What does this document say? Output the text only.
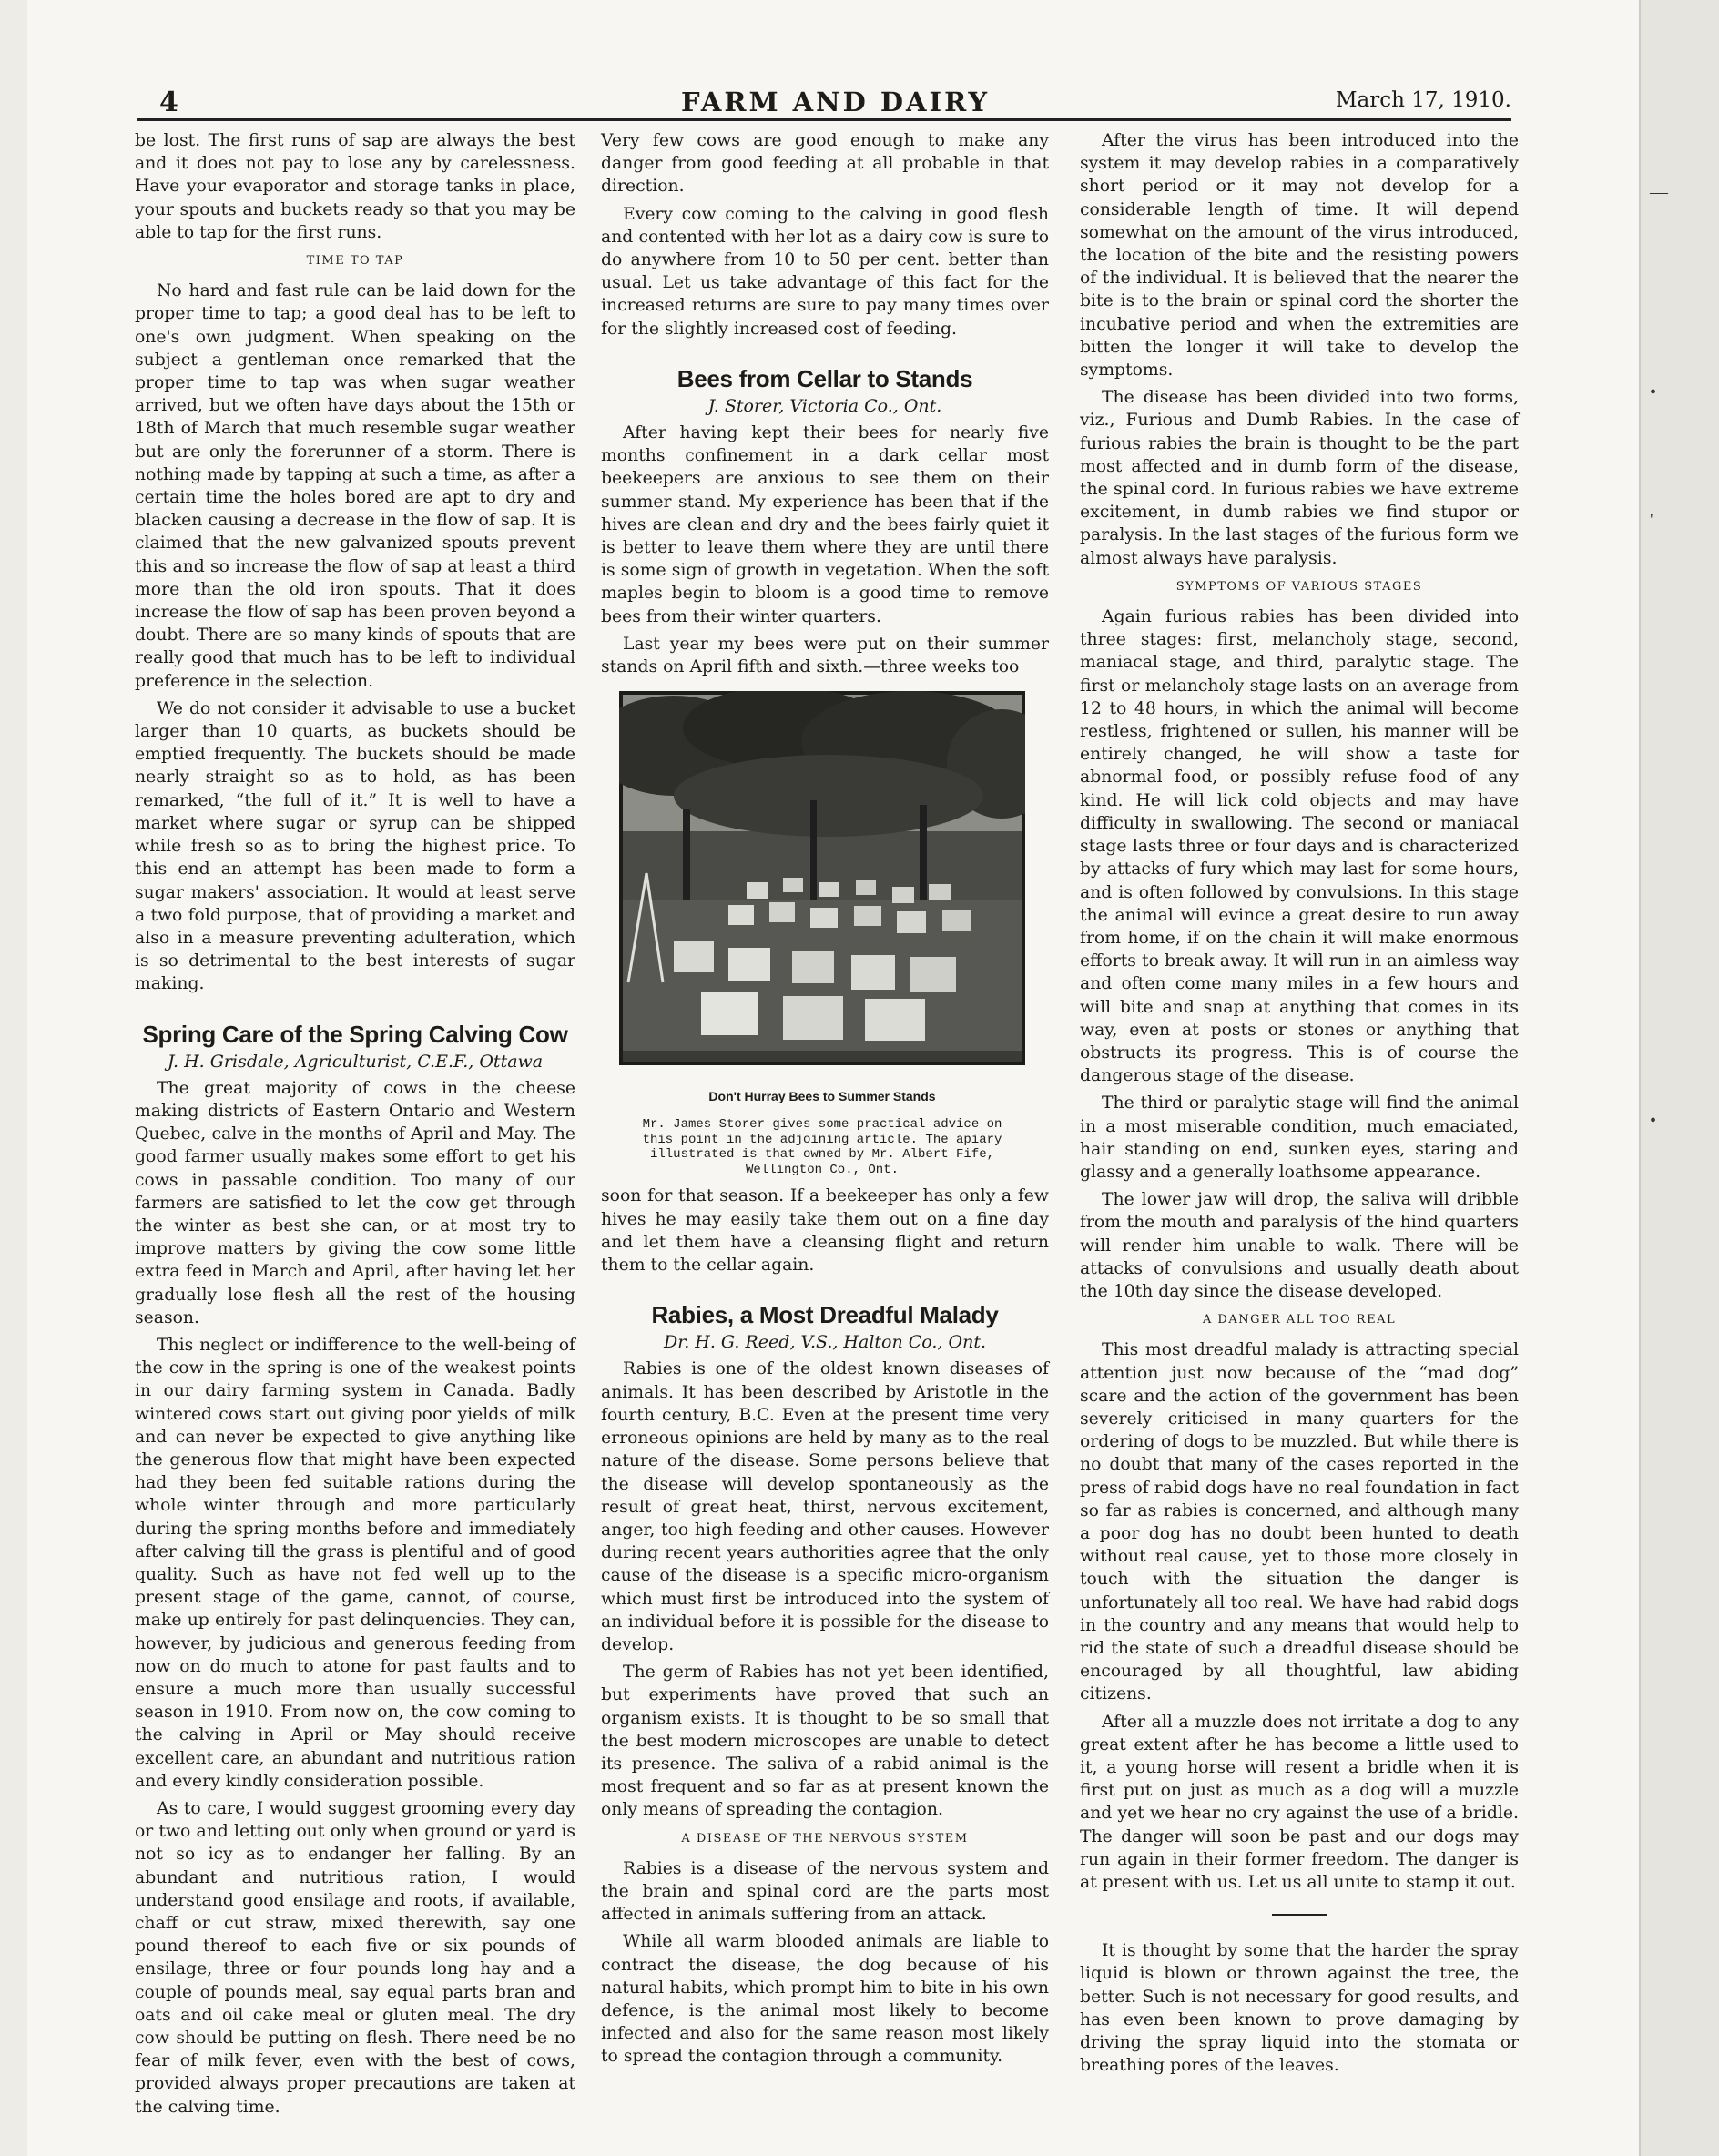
—
•
'
•
4	FARM AND DAIRY	March 17, 1910.

be lost. The first runs of sap are always the best and it does not pay to lose any by carelessness. Have your evaporator and storage tanks in place, your spouts and buckets ready so that you may be able to tap for the first runs.

TIME TO TAP

No hard and fast rule can be laid down for the proper time to tap; a good deal has to be left to one's own judgment. When speaking on the subject a gentleman once remarked that the proper time to tap was when sugar weather arrived, but we often have days about the 15th or 18th of March that much resemble sugar weather but are only the forerunner of a storm. There is nothing made by tapping at such a time, as after a certain time the holes bored are apt to dry and blacken causing a decrease in the flow of sap. It is claimed that the new galvanized spouts prevent this and so increase the flow of sap at least a third more than the old iron spouts. That it does increase the flow of sap has been proven beyond a doubt. There are so many kinds of spouts that are really good that much has to be left to individual preference in the selection.

We do not consider it advisable to use a bucket larger than 10 quarts, as buckets should be emptied frequently. The buckets should be made nearly straight so as to hold, as has been remarked, “the full of it.” It is well to have a market where sugar or syrup can be shipped while fresh so as to bring the highest price. To this end an attempt has been made to form a sugar makers' association. It would at least serve a two fold purpose, that of providing a market and also in a measure preventing adulteration, which is so detrimental to the best interests of sugar making.

Spring Care of the Spring Calving Cow
J. H. Grisdale, Agriculturist, C.E.F., Ottawa

The great majority of cows in the cheese making districts of Eastern Ontario and Western Quebec, calve in the months of April and May. The good farmer usually makes some effort to get his cows in passable condition. Too many of our farmers are satisfied to let the cow get through the winter as best she can, or at most try to improve matters by giving the cow some little extra feed in March and April, after having let her gradually lose flesh all the rest of the housing season.

This neglect or indifference to the well-being of the cow in the spring is one of the weakest points in our dairy farming system in Canada. Badly wintered cows start out giving poor yields of milk and can never be expected to give anything like the generous flow that might have been expected had they been fed suitable rations during the whole winter through and more particularly during the spring months before and immediately after calving till the grass is plentiful and of good quality. Such as have not fed well up to the present stage of the game, cannot, of course, make up entirely for past delinquencies. They can, however, by judicious and generous feeding from now on do much to atone for past faults and to ensure a much more than usually successful season in 1910. From now on, the cow coming to the calving in April or May should receive excellent care, an abundant and nutritious ration and every kindly consideration possible.

As to care, I would suggest grooming every day or two and letting out only when ground or yard is not so icy as to endanger her falling. By an abundant and nutritious ration, I would understand good ensilage and roots, if available, chaff or cut straw, mixed therewith, say one pound thereof to each five or six pounds of ensilage, three or four pounds long hay and a couple of pounds meal, say equal parts bran and oats and oil cake meal or gluten meal. The dry cow should be putting on flesh. There need be no fear of milk fever, even with the best of cows, provided always proper precautions are taken at the calving time.

Very few cows are good enough to make any danger from good feeding at all probable in that direction.

Every cow coming to the calving in good flesh and contented with her lot as a dairy cow is sure to do anywhere from 10 to 50 per cent. better than usual. Let us take advantage of this fact for the increased returns are sure to pay many times over for the slightly increased cost of feeding.

Bees from Cellar to Stands
J. Storer, Victoria Co., Ont.

After having kept their bees for nearly five months confinement in a dark cellar most beekeepers are anxious to see them on their summer stand. My experience has been that if the hives are clean and dry and the bees fairly quiet it is better to leave them where they are until there is some sign of growth in vegetation. When the soft maples begin to bloom is a good time to remove bees from their winter quarters.

Last year my bees were put on their summer stands on April fifth and sixth.—three weeks too

Don't Hurray Bees to Summer Stands
Mr. James Storer gives some practical advice on this point in the adjoining article. The apiary illustrated is that owned by Mr. Albert Fife, Wellington Co., Ont.

soon for that season. If a beekeeper has only a few hives he may easily take them out on a fine day and let them have a cleansing flight and return them to the cellar again.

Rabies, a Most Dreadful Malady
Dr. H. G. Reed, V.S., Halton Co., Ont.

Rabies is one of the oldest known diseases of animals. It has been described by Aristotle in the fourth century, B.C. Even at the present time very erroneous opinions are held by many as to the real nature of the disease. Some persons believe that the disease will develop spontaneously as the result of great heat, thirst, nervous excitement, anger, too high feeding and other causes. However during recent years authorities agree that the only cause of the disease is a specific micro-organism which must first be introduced into the system of an individual before it is possible for the disease to develop.

The germ of Rabies has not yet been identified, but experiments have proved that such an organism exists. It is thought to be so small that the best modern microscopes are unable to detect its presence. The saliva of a rabid animal is the most frequent and so far as at present known the only means of spreading the contagion.

A DISEASE OF THE NERVOUS SYSTEM

Rabies is a disease of the nervous system and the brain and spinal cord are the parts most affected in animals suffering from an attack.

While all warm blooded animals are liable to contract the disease, the dog because of his natural habits, which prompt him to bite in his own defence, is the animal most likely to become infected and also for the same reason most likely to spread the contagion through a community.

After the virus has been introduced into the system it may develop rabies in a comparatively short period or it may not develop for a considerable length of time. It will depend somewhat on the amount of the virus introduced, the location of the bite and the resisting powers of the individual. It is believed that the nearer the bite is to the brain or spinal cord the shorter the incubative period and when the extremities are bitten the longer it will take to develop the symptoms.

The disease has been divided into two forms, viz., Furious and Dumb Rabies. In the case of furious rabies the brain is thought to be the part most affected and in dumb form of the disease, the spinal cord. In furious rabies we have extreme excitement, in dumb rabies we find stupor or paralysis. In the last stages of the furious form we almost always have paralysis.

SYMPTOMS OF VARIOUS STAGES

Again furious rabies has been divided into three stages: first, melancholy stage, second, maniacal stage, and third, paralytic stage. The first or melancholy stage lasts on an average from 12 to 48 hours, in which the animal will become restless, frightened or sullen, his manner will be entirely changed, he will show a taste for abnormal food, or possibly refuse food of any kind. He will lick cold objects and may have difficulty in swallowing. The second or maniacal stage lasts three or four days and is characterized by attacks of fury which may last for some hours, and is often followed by convulsions. In this stage the animal will evince a great desire to run away from home, if on the chain it will make enormous efforts to break away. It will run in an aimless way and often come many miles in a few hours and will bite and snap at anything that comes in its way, even at posts or stones or anything that obstructs its progress. This is of course the dangerous stage of the disease.

The third or paralytic stage will find the animal in a most miserable condition, much emaciated, hair standing on end, sunken eyes, staring and glassy and a generally loathsome appearance.

The lower jaw will drop, the saliva will dribble from the mouth and paralysis of the hind quarters will render him unable to walk. There will be attacks of convulsions and usually death about the 10th day since the disease developed.

A DANGER ALL TOO REAL

This most dreadful malady is attracting special attention just now because of the “mad dog” scare and the action of the government has been severely criticised in many quarters for the ordering of dogs to be muzzled. But while there is no doubt that many of the cases reported in the press of rabid dogs have no real foundation in fact so far as rabies is concerned, and although many a poor dog has no doubt been hunted to death without real cause, yet to those more closely in touch with the situation the danger is unfortunately all too real. We have had rabid dogs in the country and any means that would help to rid the state of such a dreadful disease should be encouraged by all thoughtful, law abiding citizens.

After all a muzzle does not irritate a dog to any great extent after he has become a little used to it, a young horse will resent a bridle when it is first put on just as much as a dog will a muzzle and yet we hear no cry against the use of a bridle. The danger will soon be past and our dogs may run again in their former freedom. The danger is at present with us. Let us all unite to stamp it out.

It is thought by some that the harder the spray liquid is blown or thrown against the tree, the better. Such is not necessary for good results, and has even been known to prove damaging by driving the spray liquid into the stomata or breathing pores of the leaves.
